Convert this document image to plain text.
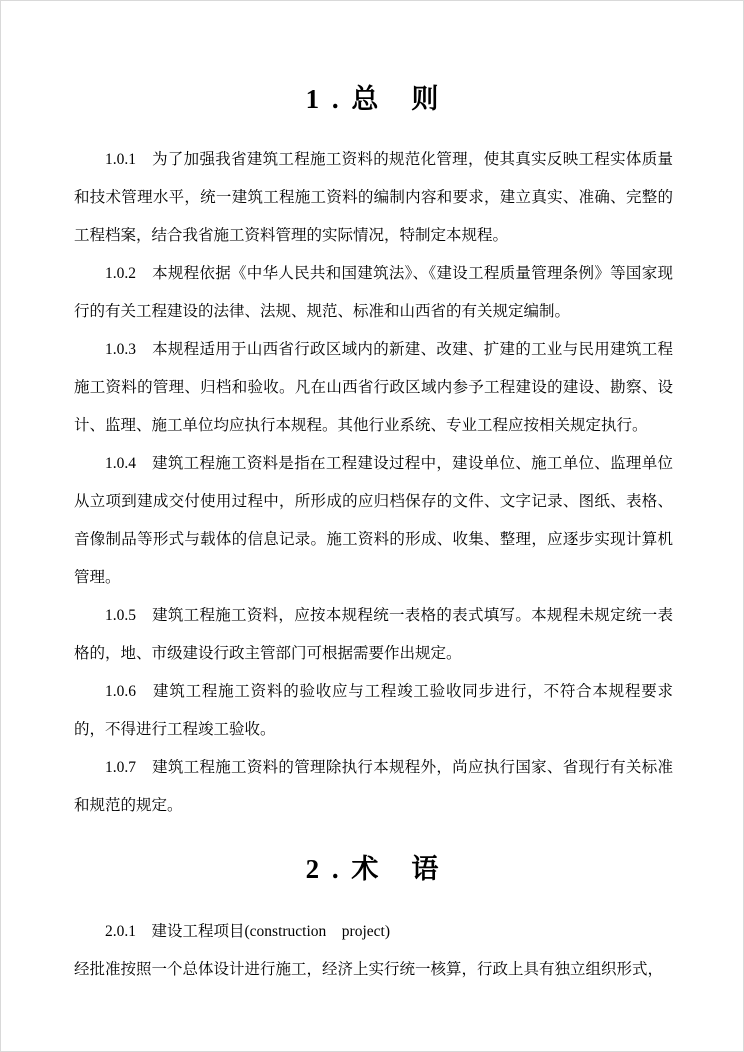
1 . 总　则

1.0.1　为了加强我省建筑工程施工资料的规范化管理，使其真实反映工程实体质量和技术管理水平，统一建筑工程施工资料的编制内容和要求，建立真实、准确、完整的工程档案，结合我省施工资料管理的实际情况，特制定本规程。

1.0.2　本规程依据《中华人民共和国建筑法》、《建设工程质量管理条例》等国家现行的有关工程建设的法律、法规、规范、标准和山西省的有关规定编制。

1.0.3　本规程适用于山西省行政区域内的新建、改建、扩建的工业与民用建筑工程施工资料的管理、归档和验收。凡在山西省行政区域内参予工程建设的建设、勘察、设计、监理、施工单位均应执行本规程。其他行业系统、专业工程应按相关规定执行。

1.0.4　建筑工程施工资料是指在工程建设过程中，建设单位、施工单位、监理单位从立项到建成交付使用过程中，所形成的应归档保存的文件、文字记录、图纸、表格、音像制品等形式与载体的信息记录。施工资料的形成、收集、整理，应逐步实现计算机管理。

1.0.5　建筑工程施工资料，应按本规程统一表格的表式填写。本规程未规定统一表格的，地、市级建设行政主管部门可根据需要作出规定。

1.0.6　建筑工程施工资料的验收应与工程竣工验收同步进行，不符合本规程要求的，不得进行工程竣工验收。

1.0.7　建筑工程施工资料的管理除执行本规程外，尚应执行国家、省现行有关标准和规范的规定。

2 . 术　语

2.0.1　建设工程项目(construction　project)

经批准按照一个总体设计进行施工，经济上实行统一核算，行政上具有独立组织形式，
